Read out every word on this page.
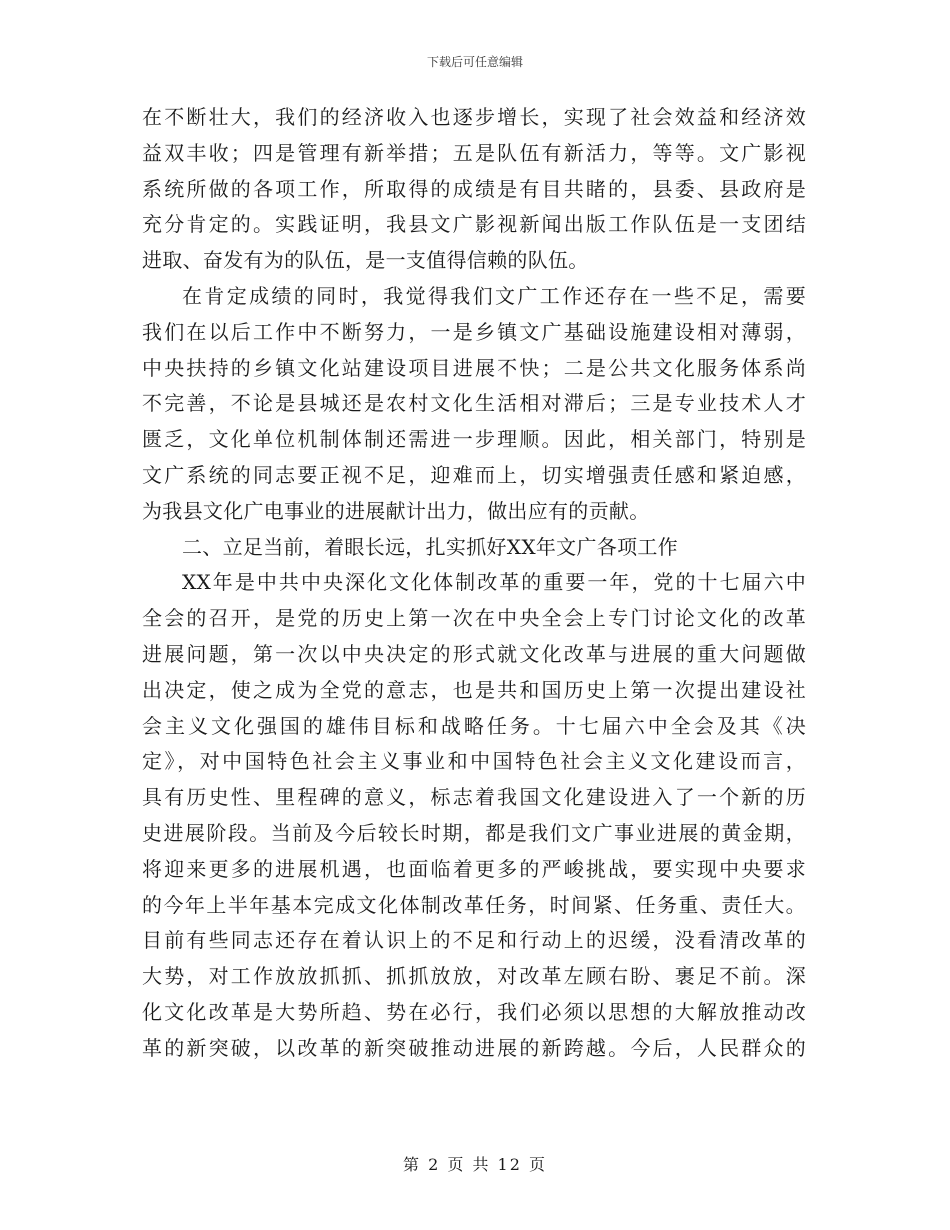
下载后可任意编辑
在不断壮大，我们的经济收入也逐步增长，实现了社会效益和经济效
益双丰收；四是管理有新举措；五是队伍有新活力，等等。文广影视
系统所做的各项工作，所取得的成绩是有目共睹的，县委、县政府是
充分肯定的。实践证明，我县文广影视新闻出版工作队伍是一支团结
进取、奋发有为的队伍，是一支值得信赖的队伍。
在肯定成绩的同时，我觉得我们文广工作还存在一些不足，需要
我们在以后工作中不断努力，一是乡镇文广基础设施建设相对薄弱，
中央扶持的乡镇文化站建设项目进展不快；二是公共文化服务体系尚
不完善，不论是县城还是农村文化生活相对滞后；三是专业技术人才
匮乏，文化单位机制体制还需进一步理顺。因此，相关部门，特别是
文广系统的同志要正视不足，迎难而上，切实增强责任感和紧迫感，
为我县文化广电事业的进展献计出力，做出应有的贡献。
二、立足当前，着眼长远，扎实抓好XX年文广各项工作
XX年是中共中央深化文化体制改革的重要一年，党的十七届六中
全会的召开，是党的历史上第一次在中央全会上专门讨论文化的改革
进展问题，第一次以中央决定的形式就文化改革与进展的重大问题做
出决定，使之成为全党的意志，也是共和国历史上第一次提出建设社
会主义文化强国的雄伟目标和战略任务。十七届六中全会及其《决
定》，对中国特色社会主义事业和中国特色社会主义文化建设而言，
具有历史性、里程碑的意义，标志着我国文化建设进入了一个新的历
史进展阶段。当前及今后较长时期，都是我们文广事业进展的黄金期，
将迎来更多的进展机遇，也面临着更多的严峻挑战，要实现中央要求
的今年上半年基本完成文化体制改革任务，时间紧、任务重、责任大。
目前有些同志还存在着认识上的不足和行动上的迟缓，没看清改革的
大势，对工作放放抓抓、抓抓放放，对改革左顾右盼、裹足不前。深
化文化改革是大势所趋、势在必行，我们必须以思想的大解放推动改
革的新突破，以改革的新突破推动进展的新跨越。今后，人民群众的
第 2 页 共 12 页
